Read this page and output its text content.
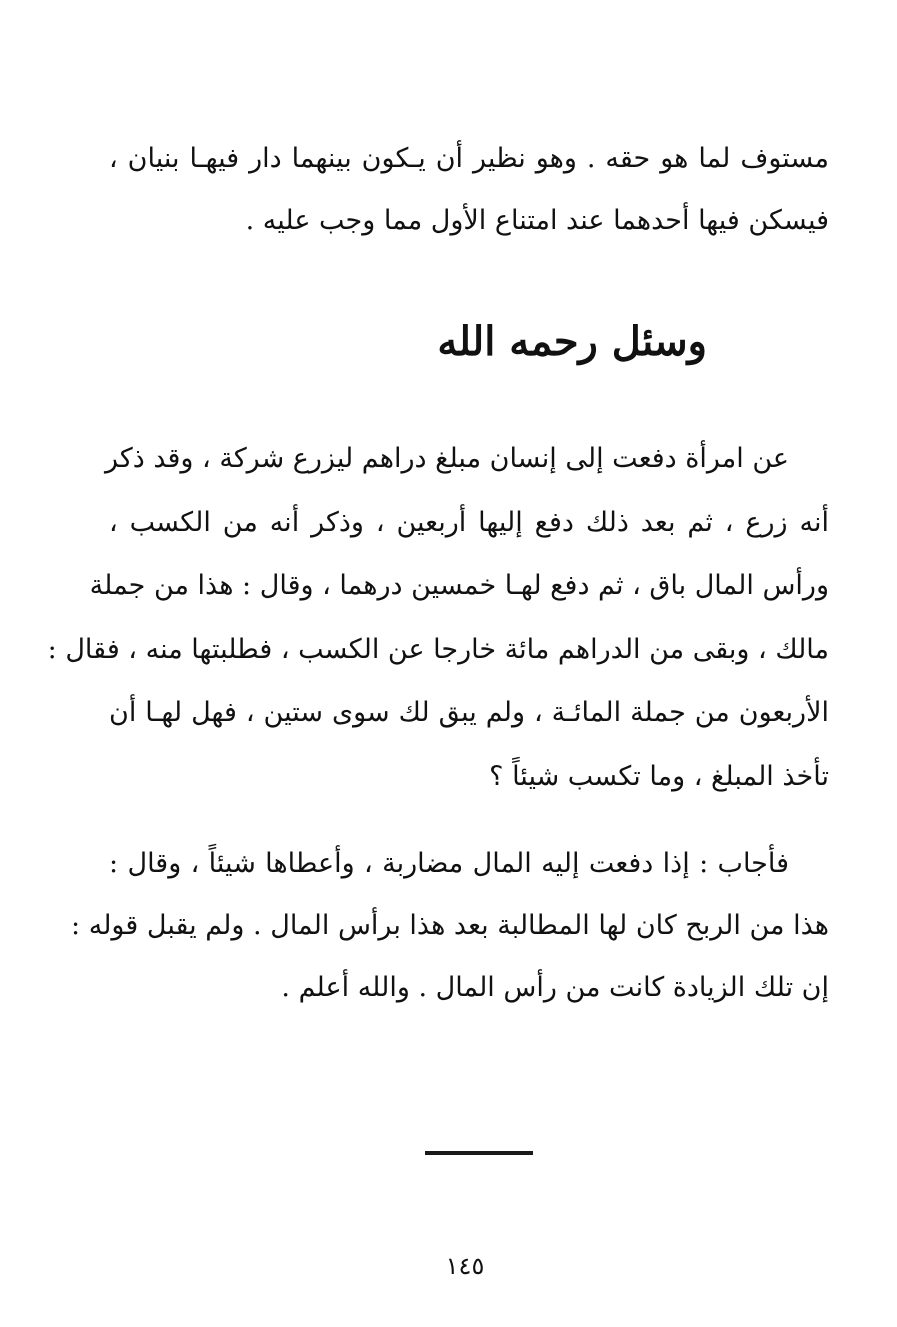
مستوف لما هو حقه . وهو نظير أن يـكون بينهما دار فيهـا بنيان ،
فيسكن فيها أحدهما عند امتناع الأول مما وجب عليه .
وسئل رحمه الله
عن امرأة دفعت إلى إنسان مبلغ دراهم ليزرع شركة ، وقد ذكر
أنه زرع ، ثم بعد ذلك دفع إليها أربعين ، وذكر أنه من الكسب ،
ورأس المال باق ، ثم دفع لهـا خمسين درهما ، وقال : هذا من جملة
مالك ، وبقى من الدراهم مائة خارجا عن الكسب ، فطلبتها منه ، فقال :
الأربعون من جملة المائـة ، ولم يبق لك سوى ستين ، فهل لهـا أن
تأخذ المبلغ ، وما تكسب شيئاً ؟
فأجاب : إذا دفعت إليه المال مضاربة ، وأعطاها شيئاً ، وقال :
هذا من الربح كان لها المطالبة بعد هذا برأس المال . ولم يقبل قوله :
إن تلك الزيادة كانت من رأس المال . والله أعلم .
١٤٥
